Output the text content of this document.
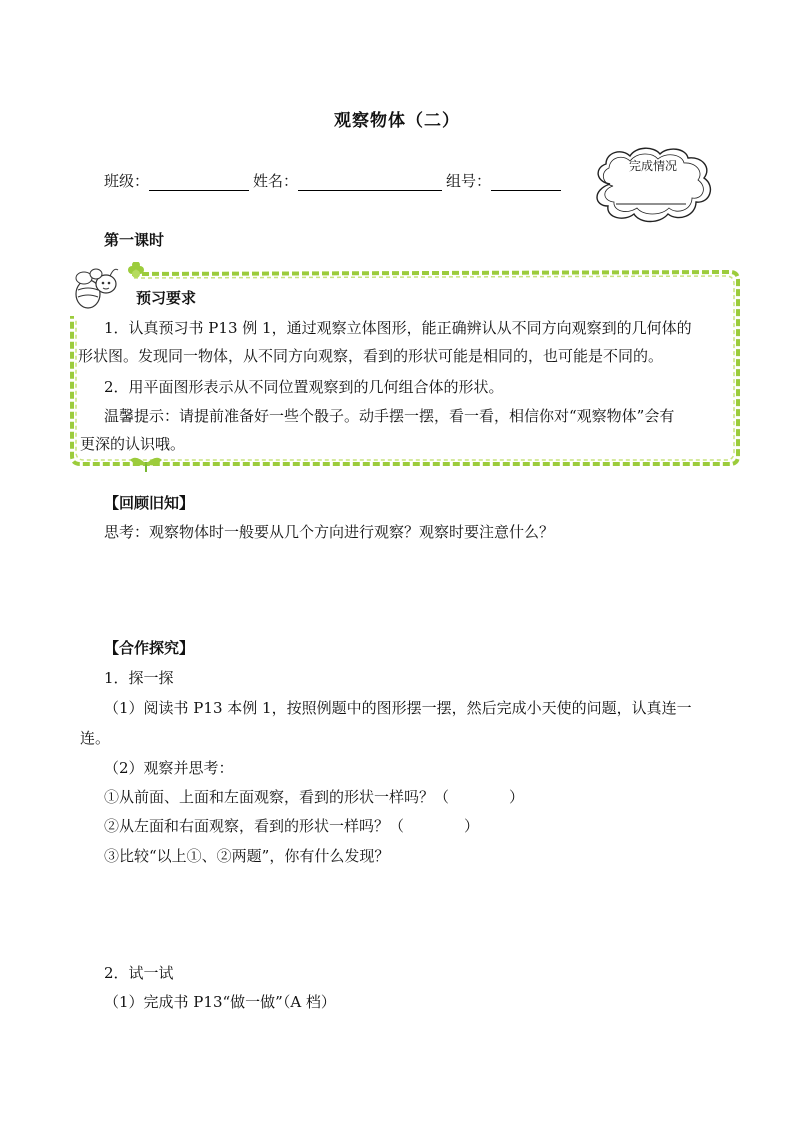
观察物体（二）
班级：	姓名：	组号：
完成情况
第一课时
预习要求
1．认真预习书 P13 例 1，通过观察立体图形，能正确辨认从不同方向观察到的几何体的
形状图。发现同一物体，从不同方向观察，看到的形状可能是相同的，也可能是不同的。
2．用平面图形表示从不同位置观察到的几何组合体的形状。
温馨提示：请提前准备好一些个骰子。动手摆一摆，看一看，相信你对“观察物体”会有
更深的认识哦。
【回顾旧知】
思考：观察物体时一般要从几个方向进行观察？观察时要注意什么？
【合作探究】
1．探一探
（1）阅读书 P13 本例 1，按照例题中的图形摆一摆，然后完成小天使的问题，认真连一
连。
（2）观察并思考：
①从前面、上面和左面观察，看到的形状一样吗？（　　　　）
②从左面和右面观察，看到的形状一样吗？（　　　　）
③比较“以上①、②两题”，你有什么发现？
2．试一试
（1）完成书 P13“做一做”（A 档）
